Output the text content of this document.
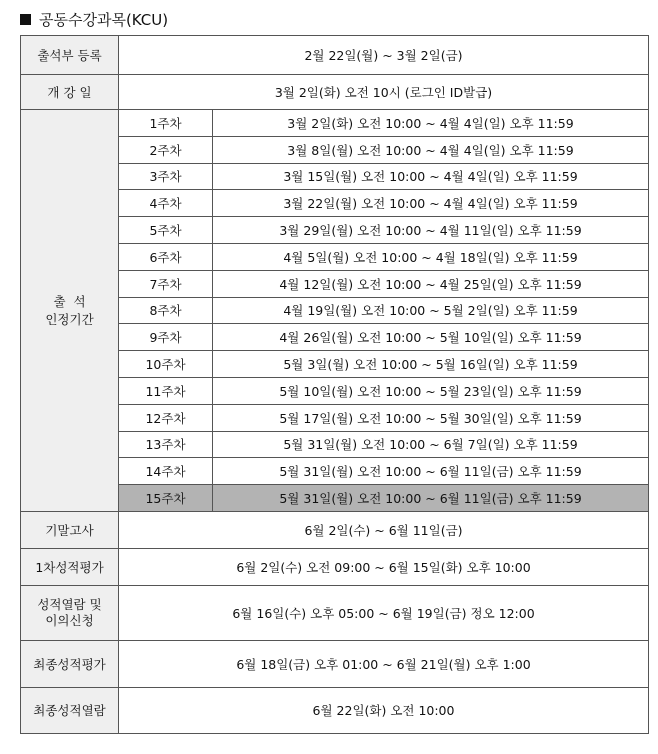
공동수강과목(KCU)
출석부 등록	2월 22일(월) ~ 3월 2일(금)	
개 강 일	3월 2일(화) 오전 10시 (로그인 ID발급)	

출  석
인정기간	1주차	3월 2일(화) 오전 10:00 ~ 4월 4일(일) 오후 11:59
	2주차	3월 8일(월) 오전 10:00 ~ 4월 4일(일) 오후 11:59
	3주차	3월 15일(월) 오전 10:00 ~ 4월 4일(일) 오후 11:59
	4주차	3월 22일(월) 오전 10:00 ~ 4월 4일(일) 오후 11:59
	5주차	3월 29일(월) 오전 10:00 ~ 4월 11일(일) 오후 11:59
	6주차	4월 5일(월) 오전 10:00 ~ 4월 18일(일) 오후 11:59
	7주차	4월 12일(월) 오전 10:00 ~ 4월 25일(일) 오후 11:59
	8주차	4월 19일(월) 오전 10:00 ~ 5월 2일(일) 오후 11:59
	9주차	4월 26일(월) 오전 10:00 ~ 5월 10일(일) 오후 11:59
	10주차	5월 3일(월) 오전 10:00 ~ 5월 16일(일) 오후 11:59
	11주차	5월 10일(월) 오전 10:00 ~ 5월 23일(일) 오후 11:59
	12주차	5월 17일(월) 오전 10:00 ~ 5월 30일(일) 오후 11:59
	13주차	5월 31일(월) 오전 10:00 ~ 6월 7일(일) 오후 11:59
	14주차	5월 31일(월) 오전 10:00 ~ 6월 11일(금) 오후 11:59
	15주차	5월 31일(월) 오전 10:00 ~ 6월 11일(금) 오후 11:59
기말고사	6월 2일(수) ~ 6월 11일(금)	
1차성적평가	6월 2일(수) 오전 09:00 ~ 6월 15일(화) 오후 10:00	

성적열람 및
이의신청	6월 16일(수) 오후 05:00 ~ 6월 19일(금) 정오 12:00	
최종성적평가	6월 18일(금) 오후 01:00 ~ 6월 21일(월) 오후 1:00	
최종성적열람	6월 22일(화) 오전 10:00	
